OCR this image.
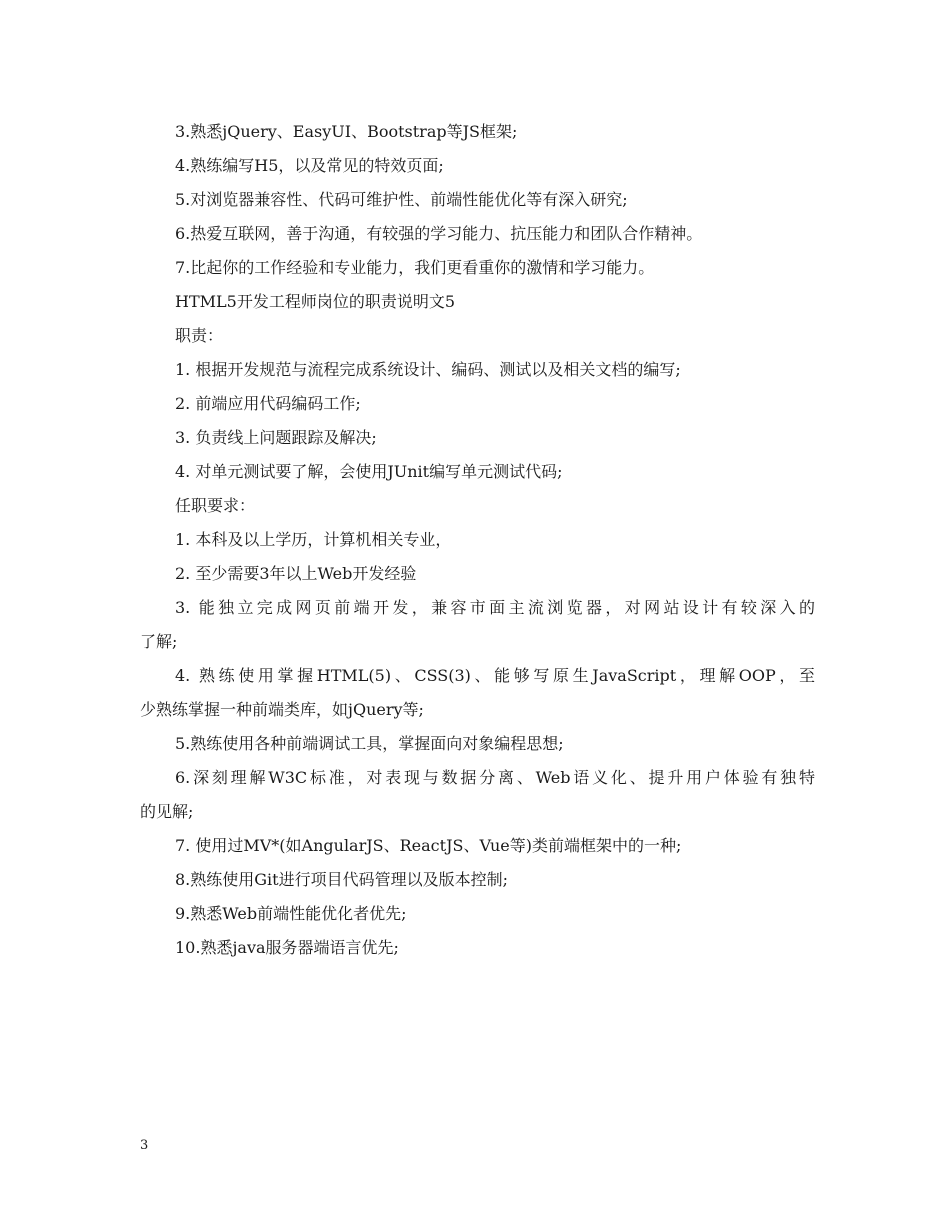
3.熟悉jQuery、EasyUI、Bootstrap等JS框架;
4.熟练编写H5，以及常见的特效页面;
5.对浏览器兼容性、代码可维护性、前端性能优化等有深入研究;
6.热爱互联网，善于沟通，有较强的学习能力、抗压能力和团队合作精神。
7.比起你的工作经验和专业能力，我们更看重你的激情和学习能力。
HTML5开发工程师岗位的职责说明文5
职责：
1. 根据开发规范与流程完成系统设计、编码、测试以及相关文档的编写;
2. 前端应用代码编码工作;
3. 负责线上问题跟踪及解决;
4. 对单元测试要了解，会使用JUnit编写单元测试代码;
任职要求：
1. 本科及以上学历，计算机相关专业，
2. 至少需要3年以上Web开发经验
3. 能独立完成网页前端开发，兼容市面主流浏览器，对网站设计有较深入的
了解;
4. 熟练使用掌握HTML(5)、CSS(3)、能够写原生JavaScript，理解OOP，至
少熟练掌握一种前端类库，如jQuery等;
5.熟练使用各种前端调试工具，掌握面向对象编程思想;
6.深刻理解W3C标准，对表现与数据分离、Web语义化、提升用户体验有独特
的见解;
7. 使用过MV*(如AngularJS、ReactJS、Vue等)类前端框架中的一种;
8.熟练使用Git进行项目代码管理以及版本控制;
9.熟悉Web前端性能优化者优先;
10.熟悉java服务器端语言优先;
3
